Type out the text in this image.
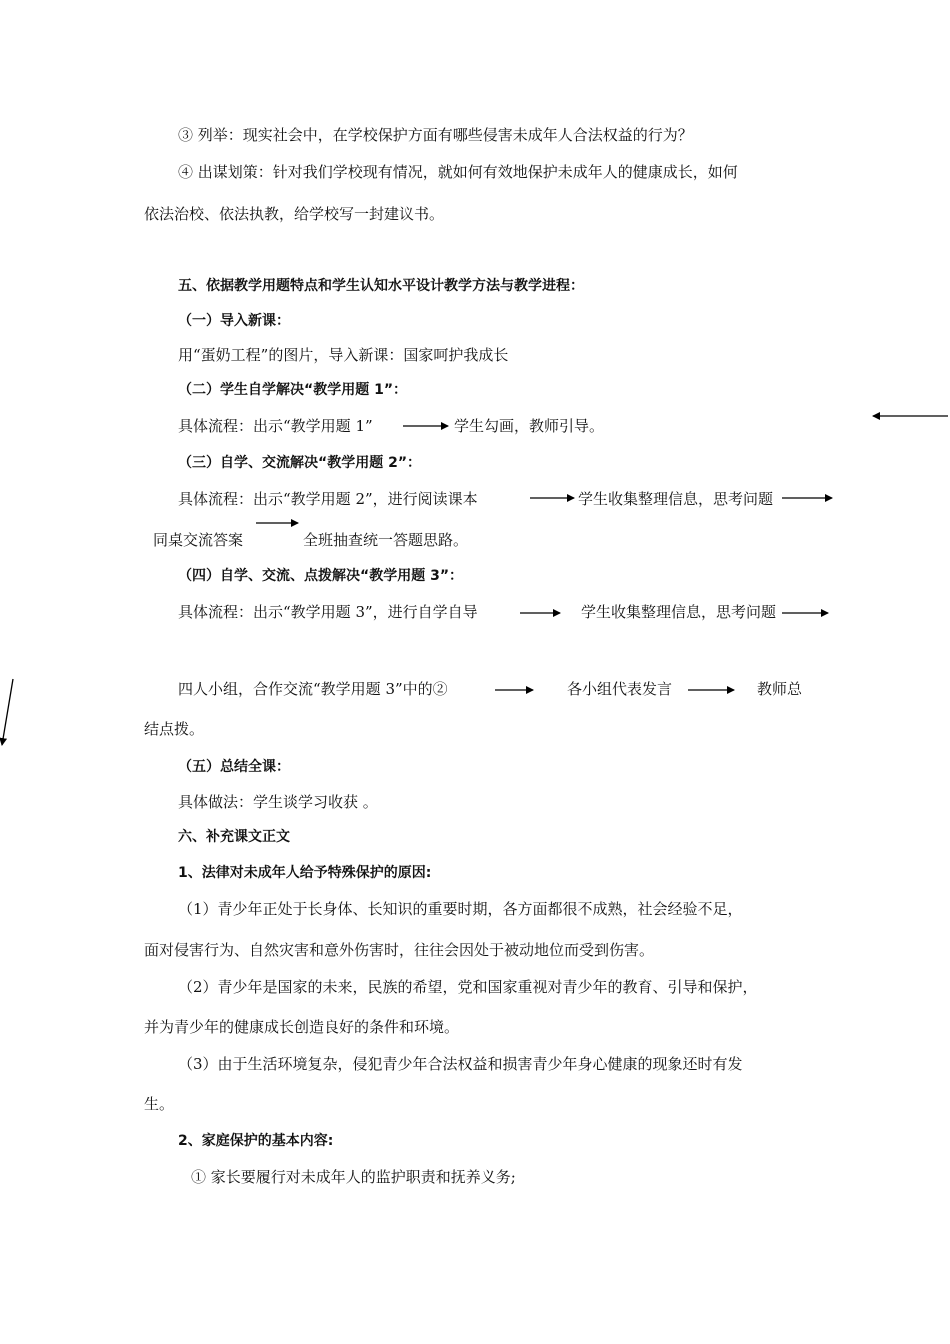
③ 列举：现实社会中，在学校保护方面有哪些侵害未成年人合法权益的行为？
④ 出谋划策：针对我们学校现有情况，就如何有效地保护未成年人的健康成长，如何
依法治校、依法执教，给学校写一封建议书。
五、依据教学用题特点和学生认知水平设计教学方法与教学进程：
（一）导入新课：
用“蛋奶工程”的图片，导入新课：国家呵护我成长
（二）学生自学解决“教学用题 1”：
具体流程：出示“教学用题 1”	学生勾画，教师引导。
（三）自学、交流解决“教学用题 2”：
具体流程：出示“教学用题 2”，进行阅读课本	学生收集整理信息，思考问题
同桌交流答案	全班抽查统一答题思路。
（四）自学、交流、点拨解决“教学用题 3”：
具体流程：出示“教学用题 3”，进行自学自导	学生收集整理信息，思考问题
四人小组，合作交流“教学用题 3”中的②	各小组代表发言	教师总
结点拨。
（五）总结全课：
具体做法：学生谈学习收获 。
六、补充课文正文
1、法律对未成年人给予特殊保护的原因:
（1）青少年正处于长身体、长知识的重要时期，各方面都很不成熟，社会经验不足，
面对侵害行为、自然灾害和意外伤害时，往往会因处于被动地位而受到伤害。
（2）青少年是国家的未来，民族的希望，党和国家重视对青少年的教育、引导和保护，
并为青少年的健康成长创造良好的条件和环境。
（3）由于生活环境复杂，侵犯青少年合法权益和损害青少年身心健康的现象还时有发
生。
2、家庭保护的基本内容:
① 家长要履行对未成年人的监护职责和抚养义务;
